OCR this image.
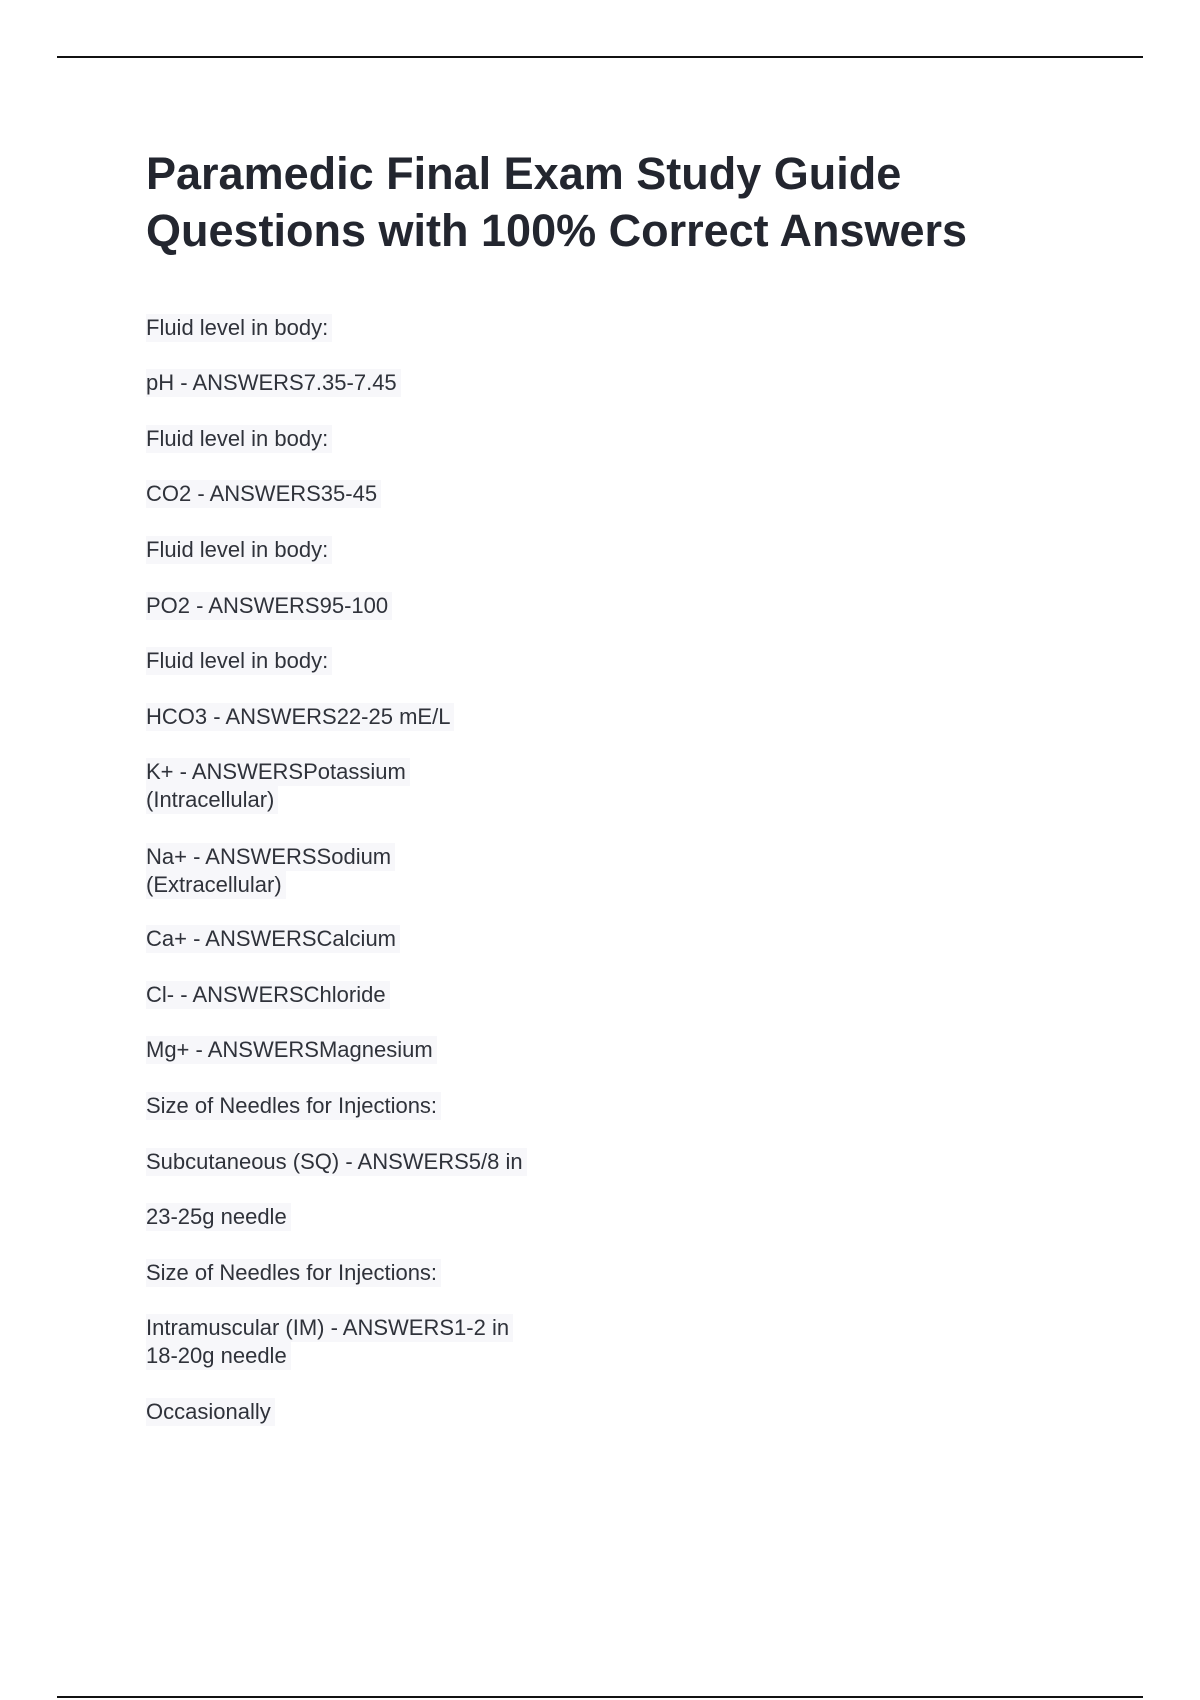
Paramedic Final Exam Study Guide
Questions with 100% Correct Answers
Fluid level in body:
pH - ANSWERS7.35-7.45
Fluid level in body:
CO2 - ANSWERS35-45
Fluid level in body:
PO2 - ANSWERS95-100
Fluid level in body:
HCO3 - ANSWERS22-25 mE/L
K+ - ANSWERSPotassium
(Intracellular)
Na+ - ANSWERSSodium
(Extracellular)
Ca+ - ANSWERSCalcium
Cl- - ANSWERSChloride
Mg+ - ANSWERSMagnesium
Size of Needles for Injections:
Subcutaneous (SQ) - ANSWERS5/8 in
23-25g needle
Size of Needles for Injections:
Intramuscular (IM) - ANSWERS1-2 in
18-20g needle
Occasionally
